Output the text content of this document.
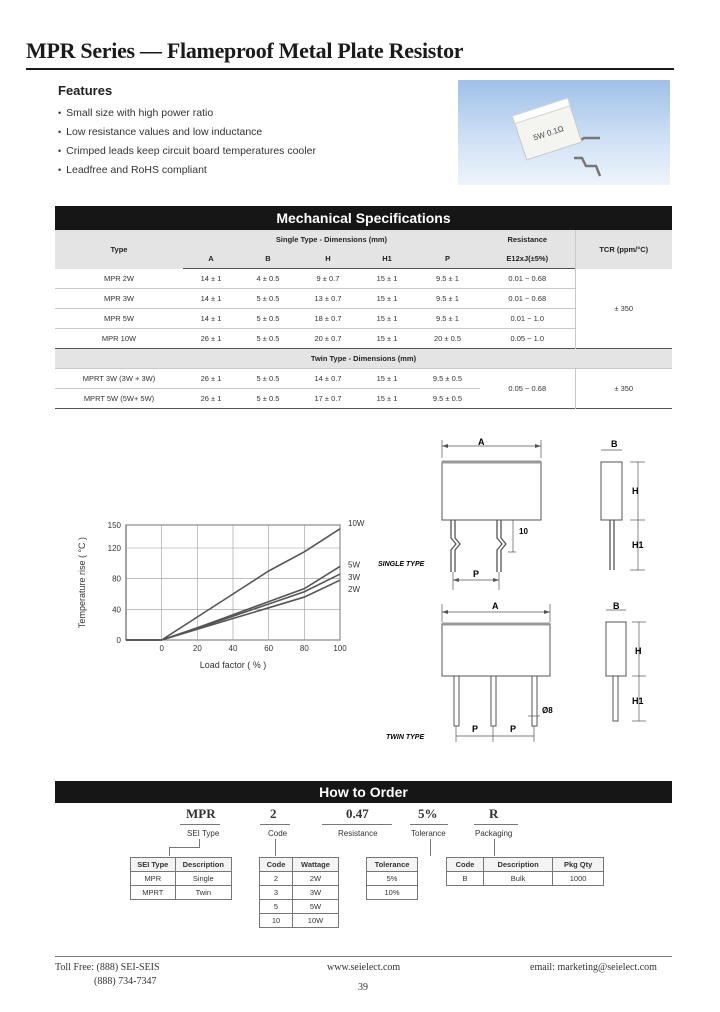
MPR Series — Flameproof Metal Plate Resistor
Features
• Small size with high power ratio
• Low resistance values and low inductance
• Crimped leads keep circuit board temperatures cooler
• Leadfree and RoHS compliant
5W 0.1Ω
Mechanical Specifications
Type	Single Type - Dimensions (mm)					Resistance	TCR (ppm/°C)
	A	B	H	H1	P	E12xJ(±5%)	
MPR 2W	14 ± 1	4 ± 0.5	9 ± 0.7	15 ± 1	9.5 ± 1	0.01 ~ 0.68	± 350
MPR 3W	14 ± 1	5 ± 0.5	13 ± 0.7	15 ± 1	9.5 ± 1	0.01 ~ 0.68	
MPR 5W	14 ± 1	5 ± 0.5	18 ± 0.7	15 ± 1	9.5 ± 1	0.01 ~ 1.0	
MPR 10W	26 ± 1	5 ± 0.5	20 ± 0.7	15 ± 1	20 ± 0.5	0.05 ~ 1.0	
Twin Type - Dimensions (mm)							
MPRT 3W (3W + 3W)	26 ± 1	5 ± 0.5	14 ± 0.7	15 ± 1	9.5 ± 0.5	0.05 ~ 0.68	± 350
MPRT 5W (5W+ 5W)	26 ± 1	5 ± 0.5	17 ± 0.7	15 ± 1	9.5 ± 0.5		
10W
5W
3W
2W
0
40
80
120
150
0	20	40	60	80	100
Load factor ( % )
Temperature rise ( °C )
A
10
P
SINGLE TYPE
B
H
H1
A
P	P
Ø8
TWIN TYPE
B
H
H1
How to Order
MPR	2	0.47	5%	R
SEI Type	Code	Resistance	Tolerance	Packaging
SEI Type	Description
MPR	Single
MPRT	Twin
Code	Wattage
2	2W
3	3W
5	5W
10	10W
Tolerance
5%
10%
Code	Description	Pkg Qty
B	Bulk	1000
Toll Free: (888) SEI-SEIS
(888) 734-7347
www.seielect.com	email: marketing@seielect.com
39
